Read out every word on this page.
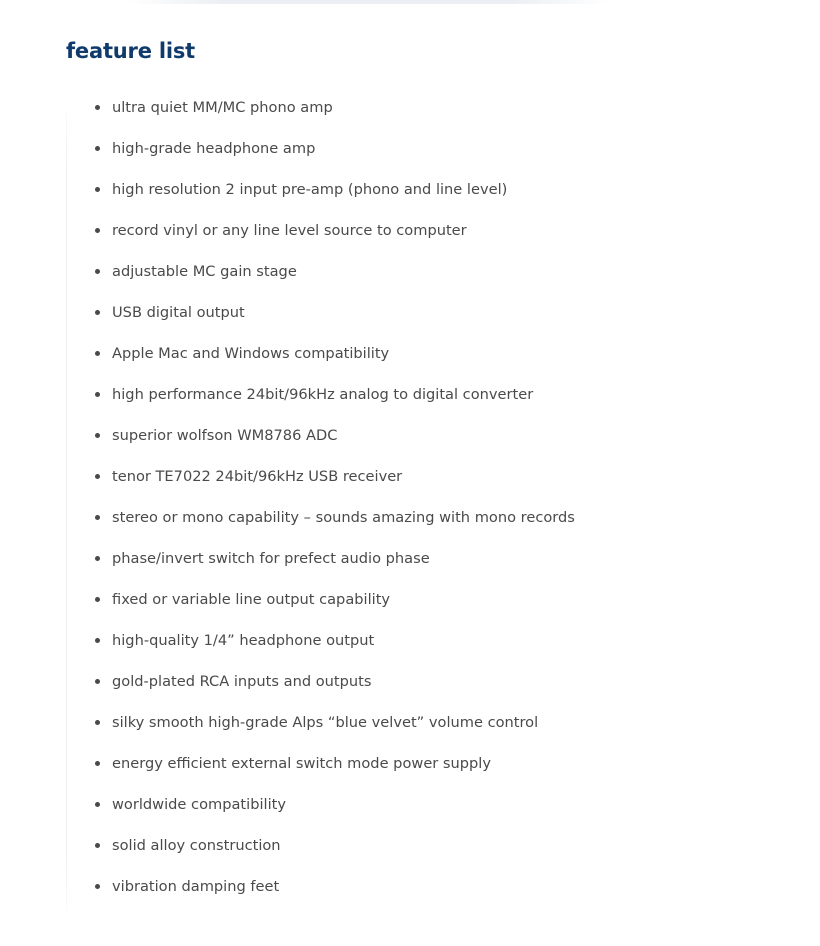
feature list
ultra quiet MM/MC phono amp
high-grade headphone amp
high resolution 2 input pre-amp (phono and line level)
record vinyl or any line level source to computer
adjustable MC gain stage
USB digital output
Apple Mac and Windows compatibility
high performance 24bit/96kHz analog to digital converter
superior wolfson WM8786 ADC
tenor TE7022 24bit/96kHz USB receiver
stereo or mono capability – sounds amazing with mono records
phase/invert switch for prefect audio phase
fixed or variable line output capability
high-quality 1/4” headphone output
gold-plated RCA inputs and outputs
silky smooth high-grade Alps “blue velvet” volume control
energy efficient external switch mode power supply
worldwide compatibility
solid alloy construction
vibration damping feet
